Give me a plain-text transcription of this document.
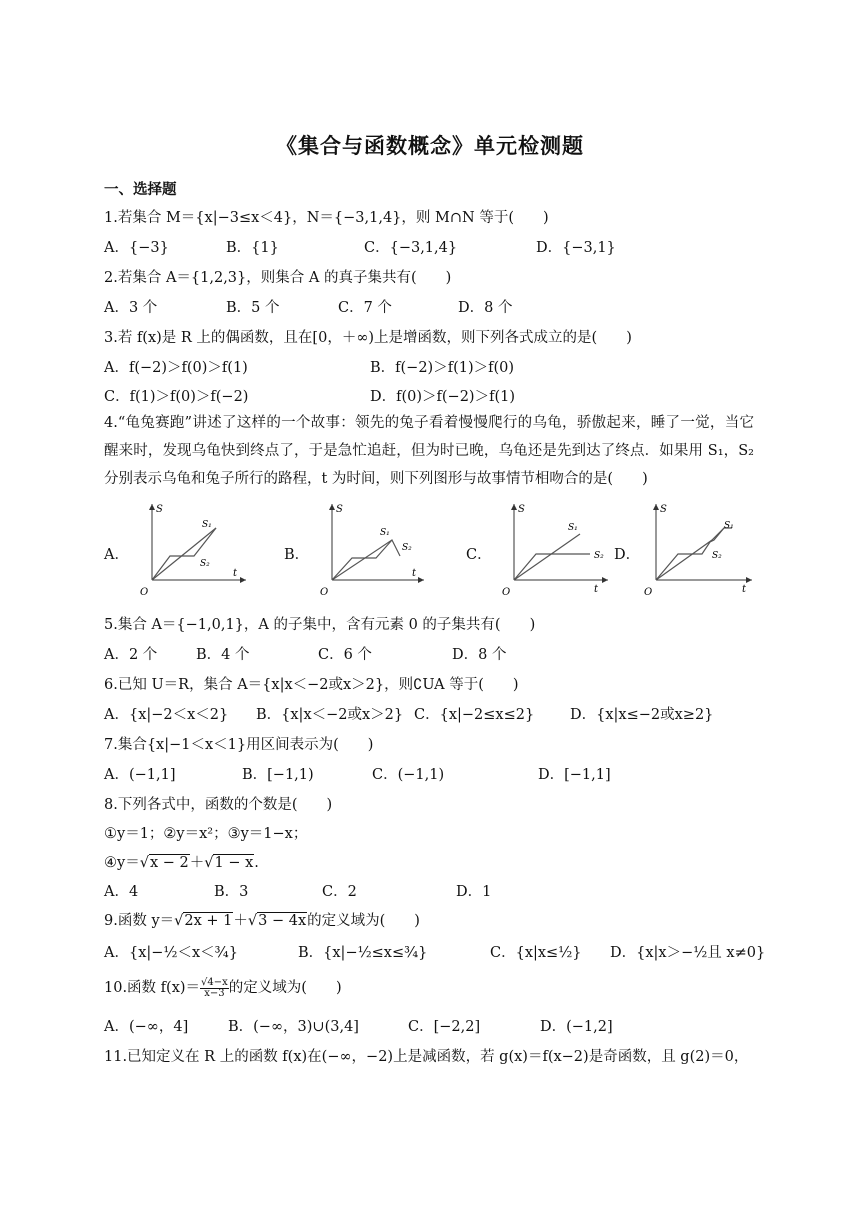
《集合与函数概念》单元检测题
一、选择题
1.若集合 M＝{x|−3≤x＜4}，N＝{−3,1,4}，则 M∩N 等于(　　)
A．{−3}	B．{1}	C．{−3,1,4}	D．{−3,1}
2.若集合 A＝{1,2,3}，则集合 A 的真子集共有(　　)
A．3 个	B．5 个	C．7 个	D．8 个
3.若 f(x)是 R 上的偶函数，且在[0，＋∞)上是增函数，则下列各式成立的是(　　)
A．f(−2)＞f(0)＞f(1)	B．f(−2)＞f(1)＞f(0)
C．f(1)＞f(0)＞f(−2)	D．f(0)＞f(−2)＞f(1)
4.“龟兔赛跑”讲述了这样的一个故事：领先的兔子看着慢慢爬行的乌龟，骄傲起来，睡了一觉，当它醒来时，发现乌龟快到终点了，于是急忙追赶，但为时已晚，乌龟还是先到达了终点．如果用 S₁，S₂ 分别表示乌龟和兔子所行的路程，t 为时间，则下列图形与故事情节相吻合的是(　　)
A．	B．	C．	D．
S
t
O
S₁
S₂
S
t
O
S₁
S₂
S
t
O
S₁
S₂
S
t
O
S₁
S₂
5.集合 A＝{−1,0,1}，A 的子集中，含有元素 0 的子集共有(　　)
A．2 个	B．4 个	C．6 个	D．8 个
6.已知 U＝R，集合 A＝{x|x＜−2或x＞2}，则∁UA 等于(　　)
A．{x|−2＜x＜2} B．{x|x＜−2或x＞2} C．{x|−2≤x≤2} D．{x|x≤−2或x≥2}
7.集合{x|−1＜x＜1}用区间表示为(　　)
A．(−1,1]	B．[−1,1)	C．(−1,1)	D．[−1,1]
8.下列各式中，函数的个数是(　　)
①y＝1；②y＝x²；③y＝1−x；
④y＝√x − 2＋√1 − x.
A．4	B．3	C．2	D．1
9.函数 y＝√2x + 1＋√3 − 4x的定义域为(　　)
A．{x|−½＜x＜¾}	B．{x|−½≤x≤¾}	C．{x|x≤½} D．{x|x＞−½且 x≠0}
10.函数 $f(x)= \frac{√4-x}{x-3}$ 的定义域为(　　)
A．(−∞，4]	B．(−∞，3)∪(3,4]	C．[−2,2]	D．(−1,2]
11.已知定义在 R 上的函数 f(x)在(−∞，−2)上是减函数，若 g(x)＝f(x−2)是奇函数，且 g(2)＝0，
